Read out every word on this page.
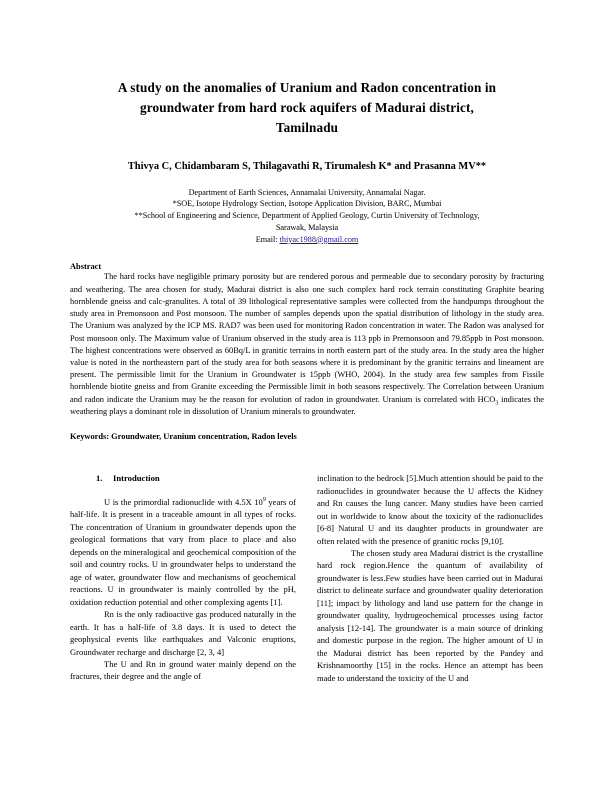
A study on the anomalies of Uranium and Radon concentration in
groundwater from hard rock aquifers of Madurai district,
Tamilnadu
Thivya C, Chidambaram S, Thilagavathi R, Tirumalesh K* and Prasanna MV**
Department of Earth Sciences, Annamalai University, Annamalai Nagar.
*SOE, Isotope Hydrology Section, Isotope Application Division, BARC, Mumbai
**School of Engineering and Science, Department of Applied Geology, Curtin University of Technology,
Sarawak, Malaysia
Email: thiyac1988@gmail.com
Abstract
The hard rocks have negligible primary porosity but are rendered porous and permeable due to secondary porosity by fracturing and weathering. The area chosen for study, Madurai district is also one such complex hard rock terrain constituting Graphite bearing hornblende gneiss and calc-granulites. A total of 39 lithological representative samples were collected from the handpumps throughout the study area in Premonsoon and Post monsoon. The number of samples depends upon the spatial distribution of lithology in the study area. The Uranium was analyzed by the ICP MS. RAD7 was been used for monitoring Radon concentration in water. The Radon was analysed for Post monsoon only. The Maximum value of Uranium observed in the study area is 113 ppb in Premonsoon and 79.85ppb in Post monsoon. The highest concentrations were observed as 60Bq/L in granitic terrains in north eastern part of the study area. In the study area the higher value is noted in the northeastern part of the study area for both seasons where it is predominant by the granitic terrains and lineament are present. The permissible limit for the Uranium in Groundwater is 15ppb (WHO, 2004). In the study area few samples from Fissile hornblende biotite gneiss and from Granite exceeding the Permissible limit in both seasons respectively. The Correlation between Uranium and radon indicate the Uranium may be the reason for evolution of radon in groundwater. Uranium is correlated with $HCO_3$ indicates the weathering plays a dominant role in dissolution of Uranium minerals to groundwater.
Keywords: Groundwater, Uranium concentration, Radon levels
1. Introduction

U is the primordial radionuclide with 4.5X $10^9$ years of half-life. It is present in a traceable amount in all types of rocks. The concentration of Uranium in groundwater depends upon the geological formations that vary from place to place and also depends on the mineralogical and geochemical composition of the soil and country rocks. U in groundwater helps to understand the age of water, groundwater flow and mechanisms of geochemical reactions. U in groundwater is mainly controlled by the pH, oxidation reduction potential and other complexing agents [1].

Rn is the only radioactive gas produced naturally in the earth. It has a half-life of 3.8 days. It is used to detect the geophysical events like earthquakes and Valconic eruptions, Groundwater recharge and discharge [2, 3, 4]

The U and Rn in ground water mainly depend on the fractures, their degree and the angle of

inclination to the bedrock [5].Much attention should be paid to the radionuclides in groundwater because the U affects the Kidney and Rn causes the lung cancer. Many studies have been carried out in worldwide to know about the toxicity of the radionuclides [6-8] Natural U and its daughter products in groundwater are often related with the presence of granitic rocks [9,10].

The chosen study area Madurai district is the crystalline hard rock region.Hence the quantum of availability of groundwater is less.Few studies have been carried out in Madurai district to delineate surface and groundwater quality deterioration [11]; impact by lithology and land use pattern for the change in groundwater quality, hydrogeochemical processes using factor analysis [12-14]. The groundwater is a main source of drinking and domestic purpose in the region. The higher amount of U in the Madurai district has been reported by the Pandey and Krishnamoorthy [15] in the rocks. Hence an attempt has been made to understand the toxicity of the U and
